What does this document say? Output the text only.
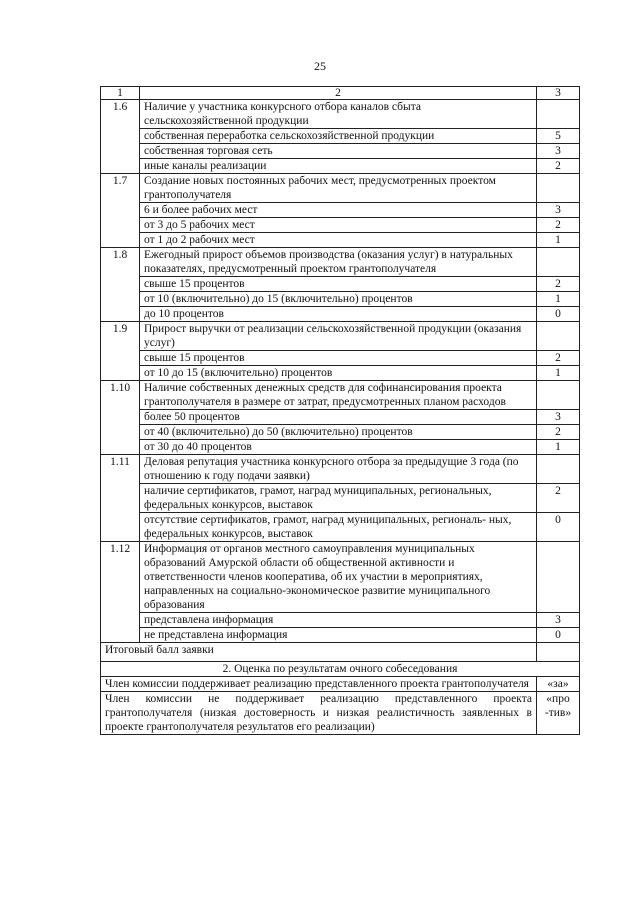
25
1	2	3
1.6	Наличие у участника конкурсного отбора каналов сбыта сельскохозяйственной продукции	
	собственная переработка сельскохозяйственной продукции	5
	собственная торговая сеть	3
	иные каналы реализации	2
1.7	Создание новых постоянных рабочих мест, предусмотренных проектом грантополучателя	
	6 и более рабочих мест	3
	от 3 до 5 рабочих мест	2
	от 1 до 2 рабочих мест	1
1.8	Ежегодный прирост объемов производства (оказания услуг) в натуральных показателях, предусмотренный проектом грантополучателя	
	свыше 15 процентов	2
	от 10 (включительно) до 15 (включительно) процентов	1
	до 10 процентов	0
1.9	Прирост выручки от реализации сельскохозяйственной продукции (оказания услуг)	
	свыше 15 процентов	2
	от 10 до 15 (включительно) процентов	1
1.10	Наличие собственных денежных средств для софинансирования проекта грантополучателя в размере от затрат, предусмотренных планом расходов	
	более 50 процентов	3
	от 40 (включительно) до 50 (включительно) процентов	2
	от 30 до 40 процентов	1
1.11	Деловая репутация участника конкурсного отбора за предыдущие 3 года (по отношению к году подачи заявки)	
	наличие сертификатов, грамот, наград муниципальных, региональных, федеральных конкурсов, выставок	2
	отсутствие сертификатов, грамот, наград муниципальных, региональ- ных, федеральных конкурсов, выставок	0
1.12	Информация от органов местного самоуправления муниципальных образований Амурской области об общественной активности и ответственности членов кооператива, об их участии в мероприятиях, направленных на социально-экономическое развитие муниципального образования	
	представлена информация	3
	не представлена информация	0
Итоговый балл заявки		
2. Оценка по результатам очного собеседования		
Член комиссии поддерживает реализацию представленного проекта грантополучателя		«за»
Член комиссии не поддерживает реализацию представленного проекта грантополучателя (низкая достоверность и низкая реалистичность заявленных в проекте грантополучателя результатов его реализации)		«про -тив»
